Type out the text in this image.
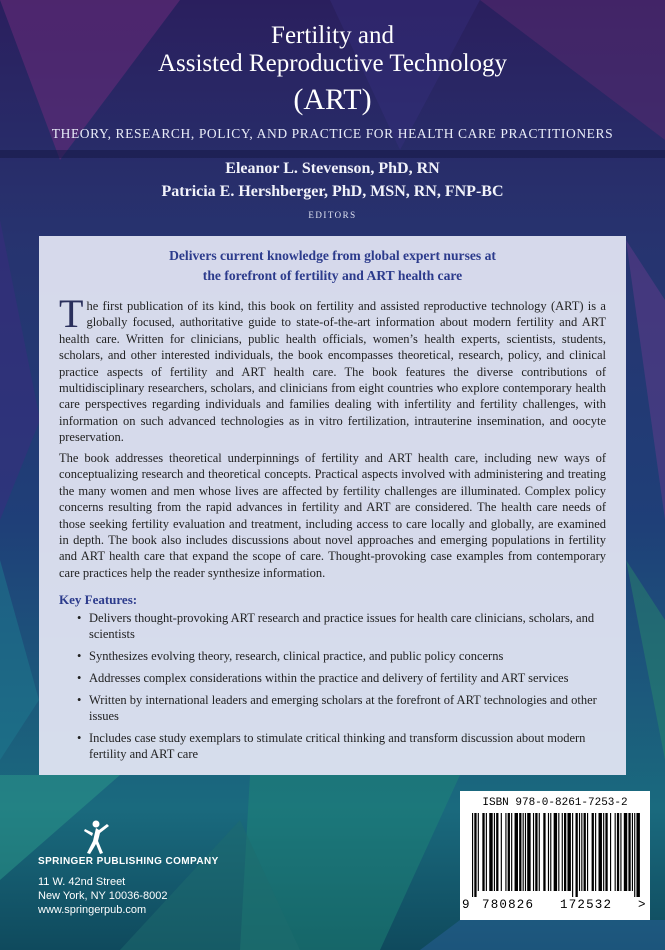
Fertility and
Assisted Reproductive Technology
(ART)
THEORY, RESEARCH, POLICY, AND PRACTICE FOR HEALTH CARE PRACTITIONERS
Eleanor L. Stevenson, PhD, RN
Patricia E. Hershberger, PhD, MSN, RN, FNP-BC
EDITORS
Delivers current knowledge from global expert nurses at
the forefront of fertility and ART health care
The first publication of its kind, this book on fertility and assisted reproductive technology (ART) is a globally focused, authoritative guide to state-of-the-art information about modern fertility and ART health care. Written for clinicians, public health officials, women’s health experts, scientists, students, scholars, and other interested individuals, the book encompasses theoretical, research, policy, and clinical practice aspects of fertility and ART health care. The book features the diverse contributions of multidisciplinary researchers, scholars, and clinicians from eight countries who explore contemporary health care perspectives regarding individuals and families dealing with infertility and fertility challenges, with information on such advanced technologies as in vitro fertilization, intrauterine insemination, and oocyte preservation.
The book addresses theoretical underpinnings of fertility and ART health care, including new ways of conceptualizing research and theoretical concepts. Practical aspects involved with administering and treating the many women and men whose lives are affected by fertility challenges are illuminated. Complex policy concerns resulting from the rapid advances in fertility and ART are considered. The health care needs of those seeking fertility evaluation and treatment, including access to care locally and globally, are examined in depth. The book also includes discussions about novel approaches and emerging populations in fertility and ART health care that expand the scope of care. Thought-provoking case examples from contemporary care practices help the reader synthesize information.
Key Features:
• Delivers thought-provoking ART research and practice issues for health care clinicians, scholars, and scientists
• Synthesizes evolving theory, research, clinical practice, and public policy concerns
• Addresses complex considerations within the practice and delivery of fertility and ART services
• Written by international leaders and emerging scholars at the forefront of ART technologies and other issues
• Includes case study exemplars to stimulate critical thinking and transform discussion about modern fertility and ART care
SPRINGER PUBLISHING COMPANY
11 W. 42nd Street
New York, NY 10036-8002
www.springerpub.com
ISBN 978-0-8261-7253-2
9 780826 172532 >
